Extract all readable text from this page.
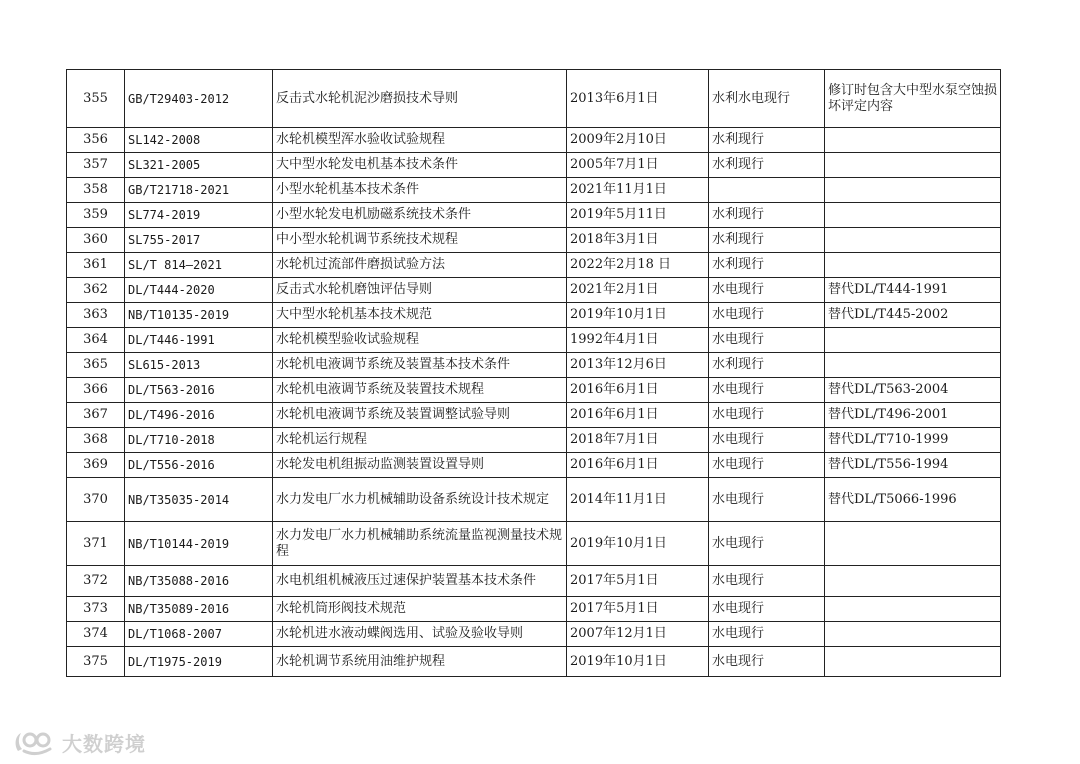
355	GB/T29403-2012	反击式水轮机泥沙磨损技术导则	2013年6月1日	水利水电现行	修订时包含大中型水泵空蚀损坏评定内容
356	SL142-2008	水轮机模型浑水验收试验规程	2009年2月10日	水利现行	
357	SL321-2005	大中型水轮发电机基本技术条件	2005年7月1日	水利现行	
358	GB/T21718-2021	小型水轮机基本技术条件	2021年11月1日		
359	SL774-2019	小型水轮发电机励磁系统技术条件	2019年5月11日	水利现行	
360	SL755-2017	中小型水轮机调节系统技术规程	2018年3月1日	水利现行	
361	SL/T 814—2021	水轮机过流部件磨损试验方法	2022年2月18 日	水利现行	
362	DL/T444-2020	反击式水轮机磨蚀评估导则	2021年2月1日	水电现行	替代DL/T444-1991
363	NB/T10135-2019	大中型水轮机基本技术规范	2019年10月1日	水电现行	替代DL/T445-2002
364	DL/T446-1991	水轮机模型验收试验规程	1992年4月1日	水电现行	
365	SL615-2013	水轮机电液调节系统及装置基本技术条件	2013年12月6日	水利现行	
366	DL/T563-2016	水轮机电液调节系统及装置技术规程	2016年6月1日	水电现行	替代DL/T563-2004
367	DL/T496-2016	水轮机电液调节系统及装置调整试验导则	2016年6月1日	水电现行	替代DL/T496-2001
368	DL/T710-2018	水轮机运行规程	2018年7月1日	水电现行	替代DL/T710-1999
369	DL/T556-2016	水轮发电机组振动监测装置设置导则	2016年6月1日	水电现行	替代DL/T556-1994
370	NB/T35035-2014	水力发电厂水力机械辅助设备系统设计技术规定	2014年11月1日	水电现行	替代DL/T5066-1996
371	NB/T10144-2019	水力发电厂水力机械辅助系统流量监视测量技术规程	2019年10月1日	水电现行	
372	NB/T35088-2016	水电机组机械液压过速保护装置基本技术条件	2017年5月1日	水电现行	
373	NB/T35089-2016	水轮机筒形阀技术规范	2017年5月1日	水电现行	
374	DL/T1068-2007	水轮机进水液动蝶阀选用、试验及验收导则	2007年12月1日	水电现行	
375	DL/T1975-2019	水轮机调节系统用油维护规程	2019年10月1日	水电现行	
大数跨境
